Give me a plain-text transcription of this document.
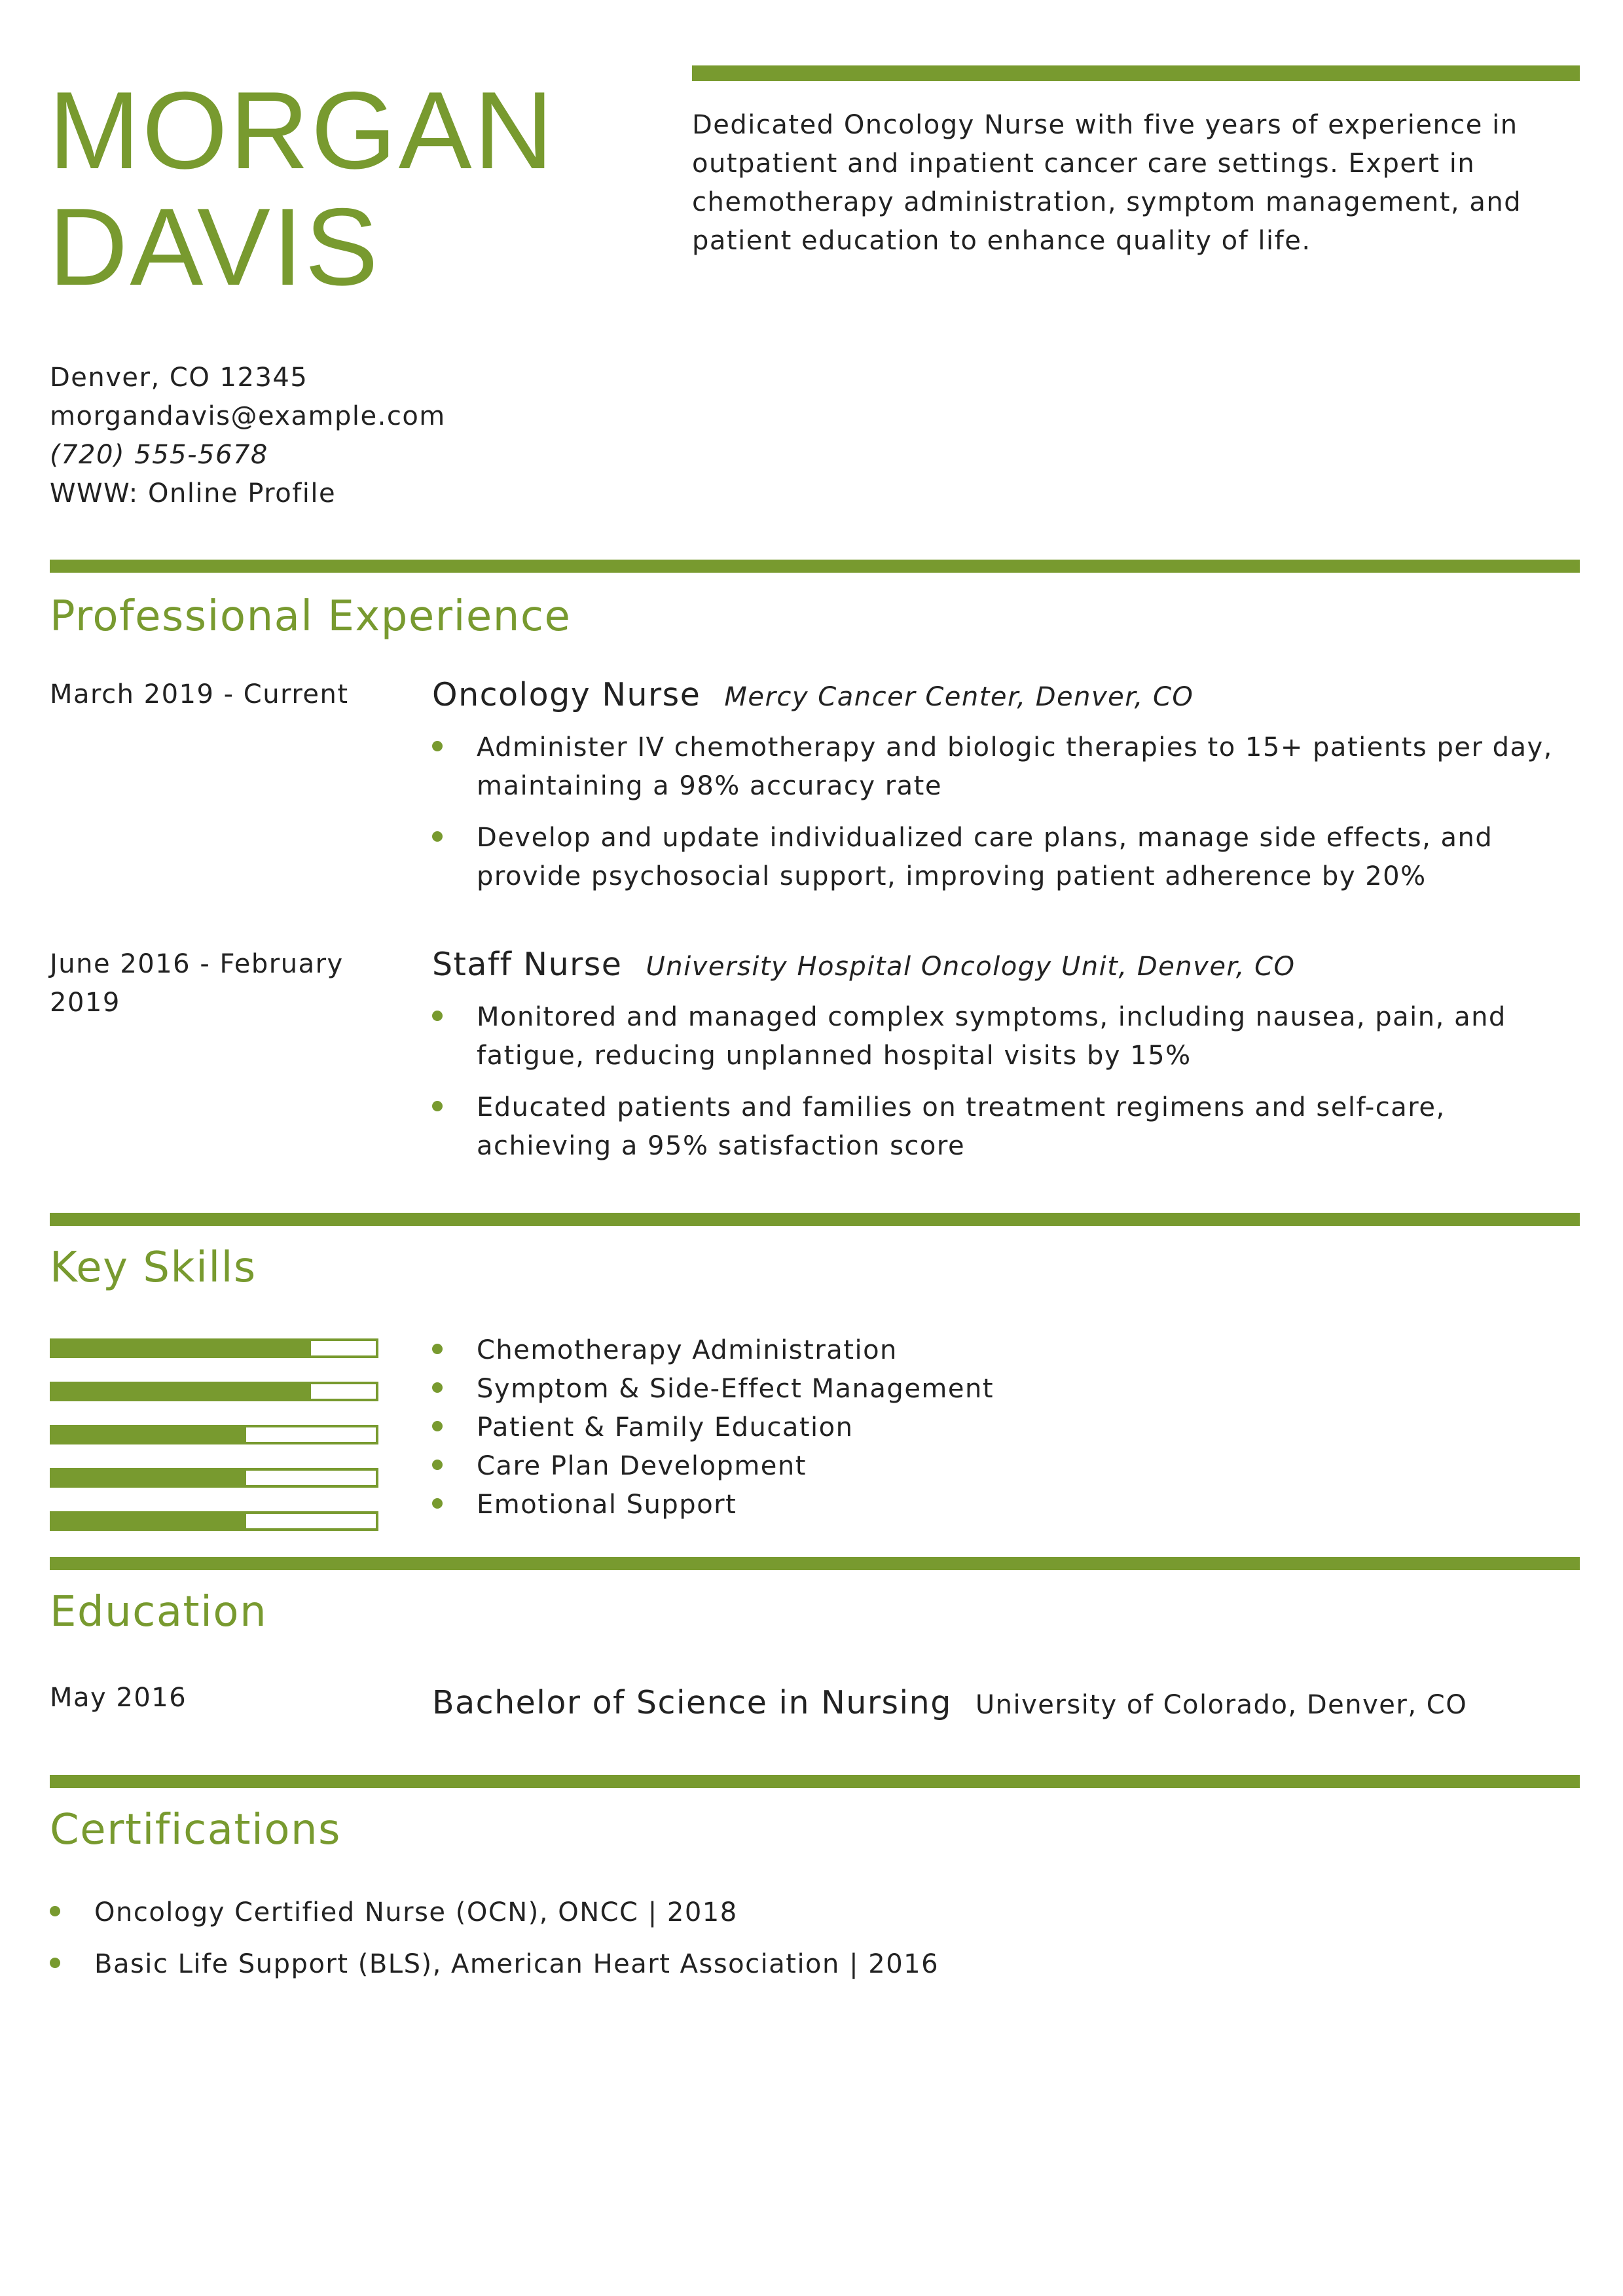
MORGAN
DAVIS
Dedicated Oncology Nurse with five years of experience in outpatient and inpatient cancer care settings. Expert in chemotherapy administration, symptom management, and patient education to enhance quality of life.
Denver, CO 12345
morgandavis@example.com
(720) 555-5678
WWW: Online Profile
Professional Experience
March 2019 - Current	Oncology Nurse Mercy Cancer Center, Denver, CO
Administer IV chemotherapy and biologic therapies to 15+ patients per day, maintaining a 98% accuracy rate
Develop and update individualized care plans, manage side effects, and provide psychosocial support, improving patient adherence by 20%
June 2016 - February 2019
Staff Nurse University Hospital Oncology Unit, Denver, CO
Monitored and managed complex symptoms, including nausea, pain, and fatigue, reducing unplanned hospital visits by 15%
Educated patients and families on treatment regimens and self-care, achieving a 95% satisfaction score
Key Skills
Chemotherapy Administration
Symptom & Side-Effect Management
Patient & Family Education
Care Plan Development
Emotional Support
Education
May 2016	Bachelor of Science in Nursing University of Colorado, Denver, CO
Certifications
Oncology Certified Nurse (OCN), ONCC | 2018
Basic Life Support (BLS), American Heart Association | 2016
